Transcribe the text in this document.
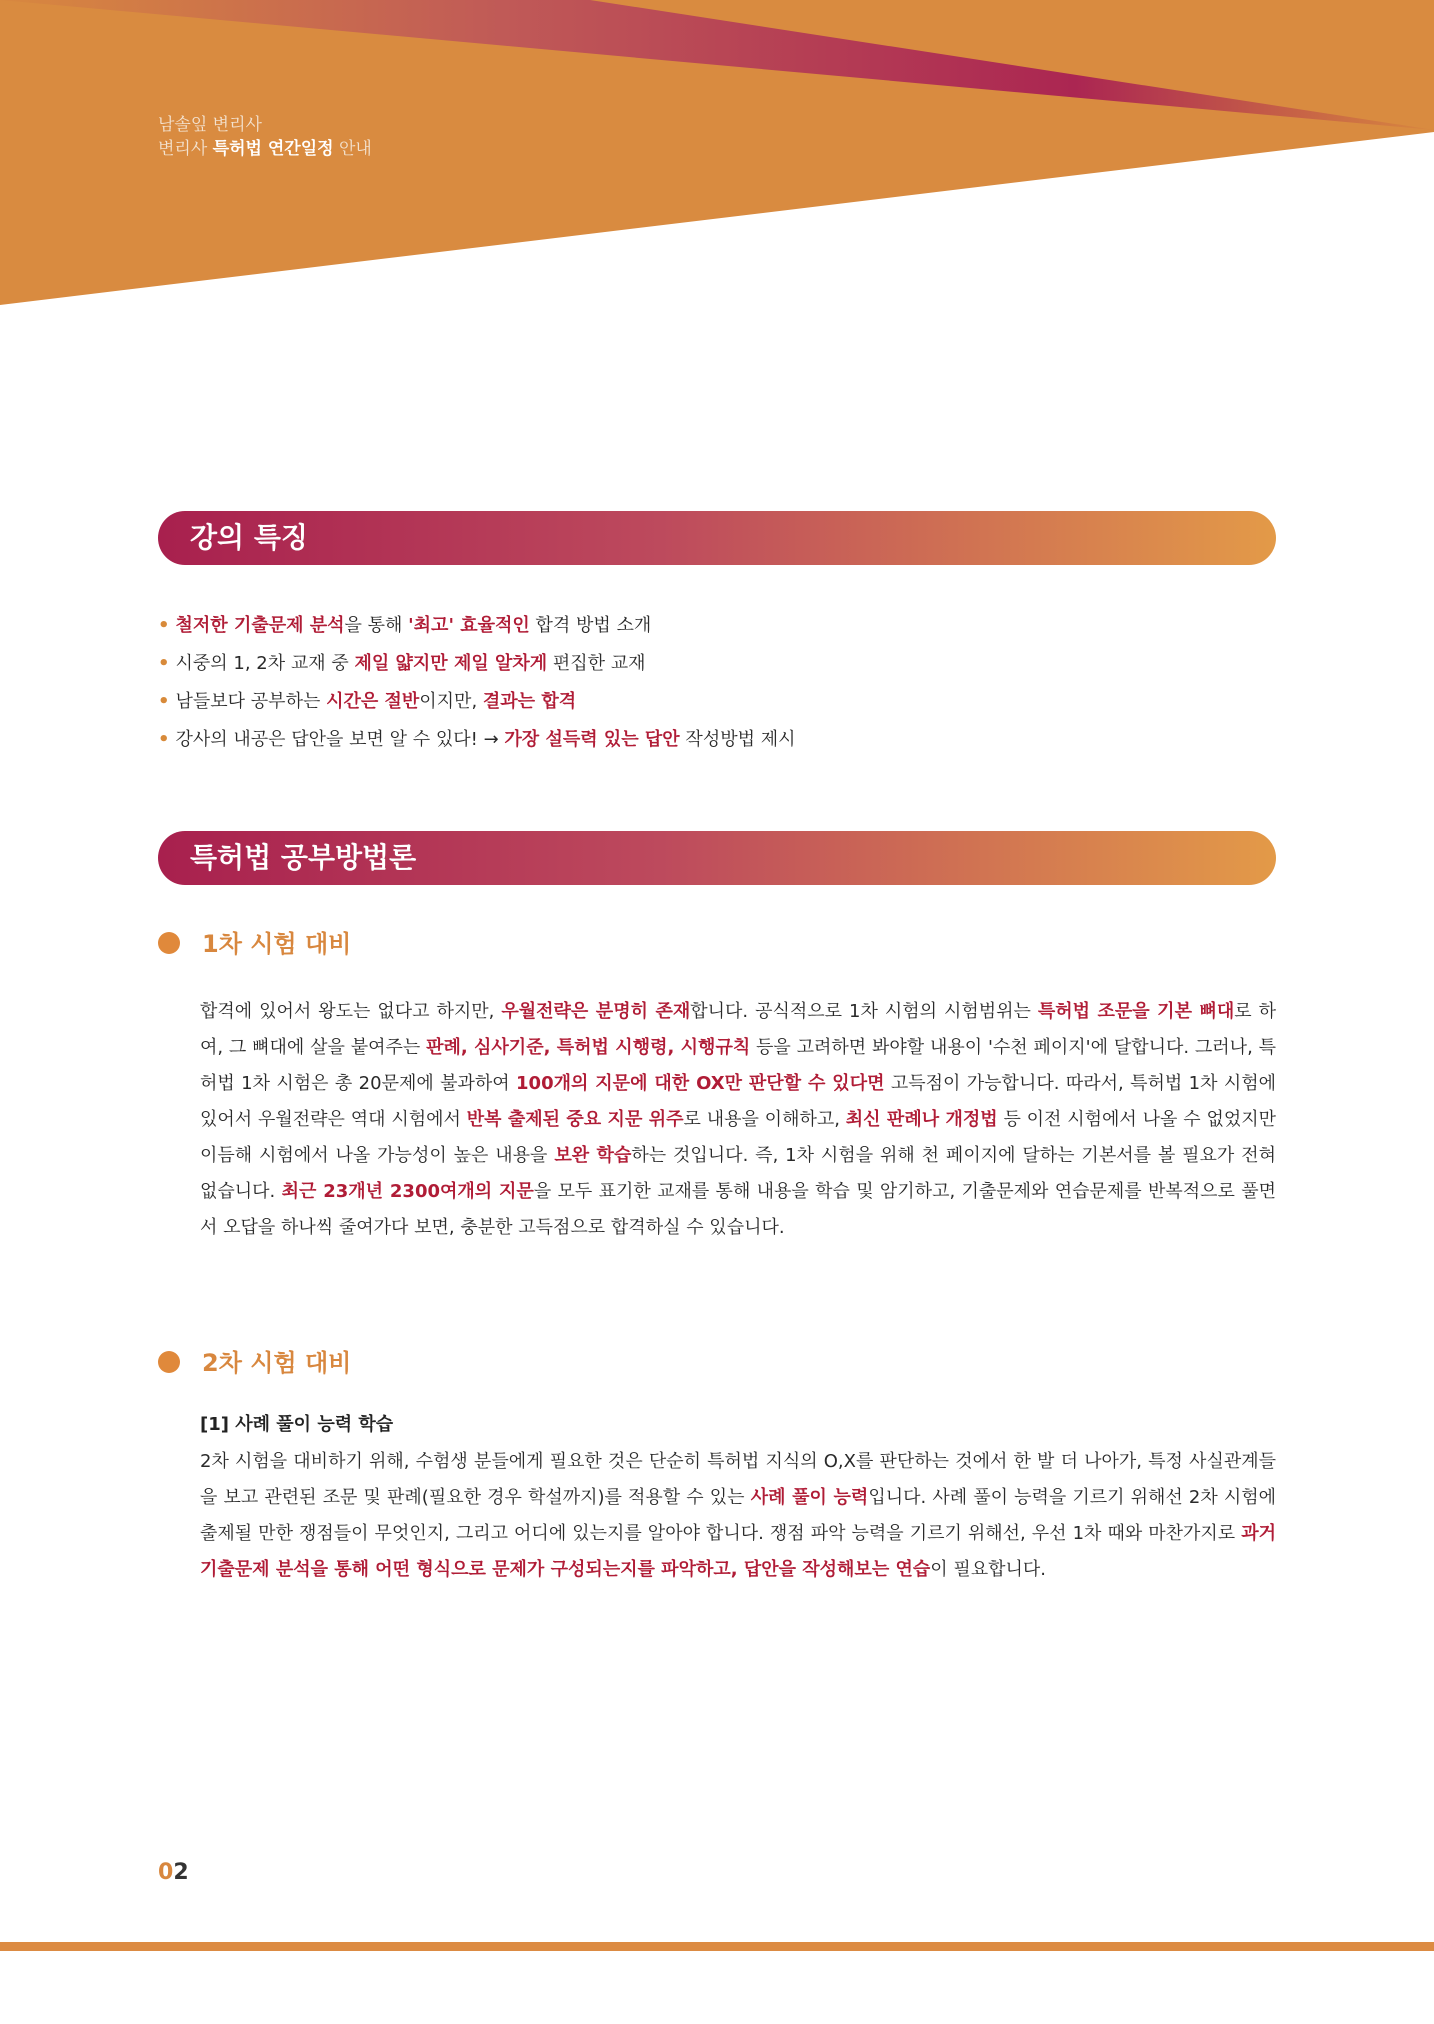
남솔잎 변리사
변리사 특허법 연간일정 안내
강의 특징
• 철저한 기출문제 분석을 통해 '최고' 효율적인 합격 방법 소개
• 시중의 1, 2차 교재 중 제일 얇지만 제일 알차게 편집한 교재
• 남들보다 공부하는 시간은 절반이지만, 결과는 합격
• 강사의 내공은 답안을 보면 알 수 있다! → 가장 설득력 있는 답안 작성방법 제시
특허법 공부방법론
1차 시험 대비
합격에 있어서 왕도는 없다고 하지만, 우월전략은 분명히 존재합니다. 공식적으로 1차 시험의 시험범위는 특허법 조문을 기본 뼈대로 하여, 그 뼈대에 살을 붙여주는 판례, 심사기준, 특허법 시행령, 시행규칙 등을 고려하면 봐야할 내용이 '수천 페이지'에 달합니다. 그러나, 특허법 1차 시험은 총 20문제에 불과하여 100개의 지문에 대한 OX만 판단할 수 있다면 고득점이 가능합니다. 따라서, 특허법 1차 시험에 있어서 우월전략은 역대 시험에서 반복 출제된 중요 지문 위주로 내용을 이해하고, 최신 판례나 개정법 등 이전 시험에서 나올 수 없었지만 이듬해 시험에서 나올 가능성이 높은 내용을 보완 학습하는 것입니다. 즉, 1차 시험을 위해 천 페이지에 달하는 기본서를 볼 필요가 전혀 없습니다. 최근 23개년 2300여개의 지문을 모두 표기한 교재를 통해 내용을 학습 및 암기하고, 기출문제와 연습문제를 반복적으로 풀면서 오답을 하나씩 줄여가다 보면, 충분한 고득점으로 합격하실 수 있습니다.
2차 시험 대비
[1] 사례 풀이 능력 학습
2차 시험을 대비하기 위해, 수험생 분들에게 필요한 것은 단순히 특허법 지식의 O,X를 판단하는 것에서 한 발 더 나아가, 특정 사실관계들을 보고 관련된 조문 및 판례(필요한 경우 학설까지)를 적용할 수 있는 사례 풀이 능력입니다. 사례 풀이 능력을 기르기 위해선 2차 시험에 출제될 만한 쟁점들이 무엇인지, 그리고 어디에 있는지를 알아야 합니다. 쟁점 파악 능력을 기르기 위해선, 우선 1차 때와 마찬가지로 과거 기출문제 분석을 통해 어떤 형식으로 문제가 구성되는지를 파악하고, 답안을 작성해보는 연습이 필요합니다.
02
